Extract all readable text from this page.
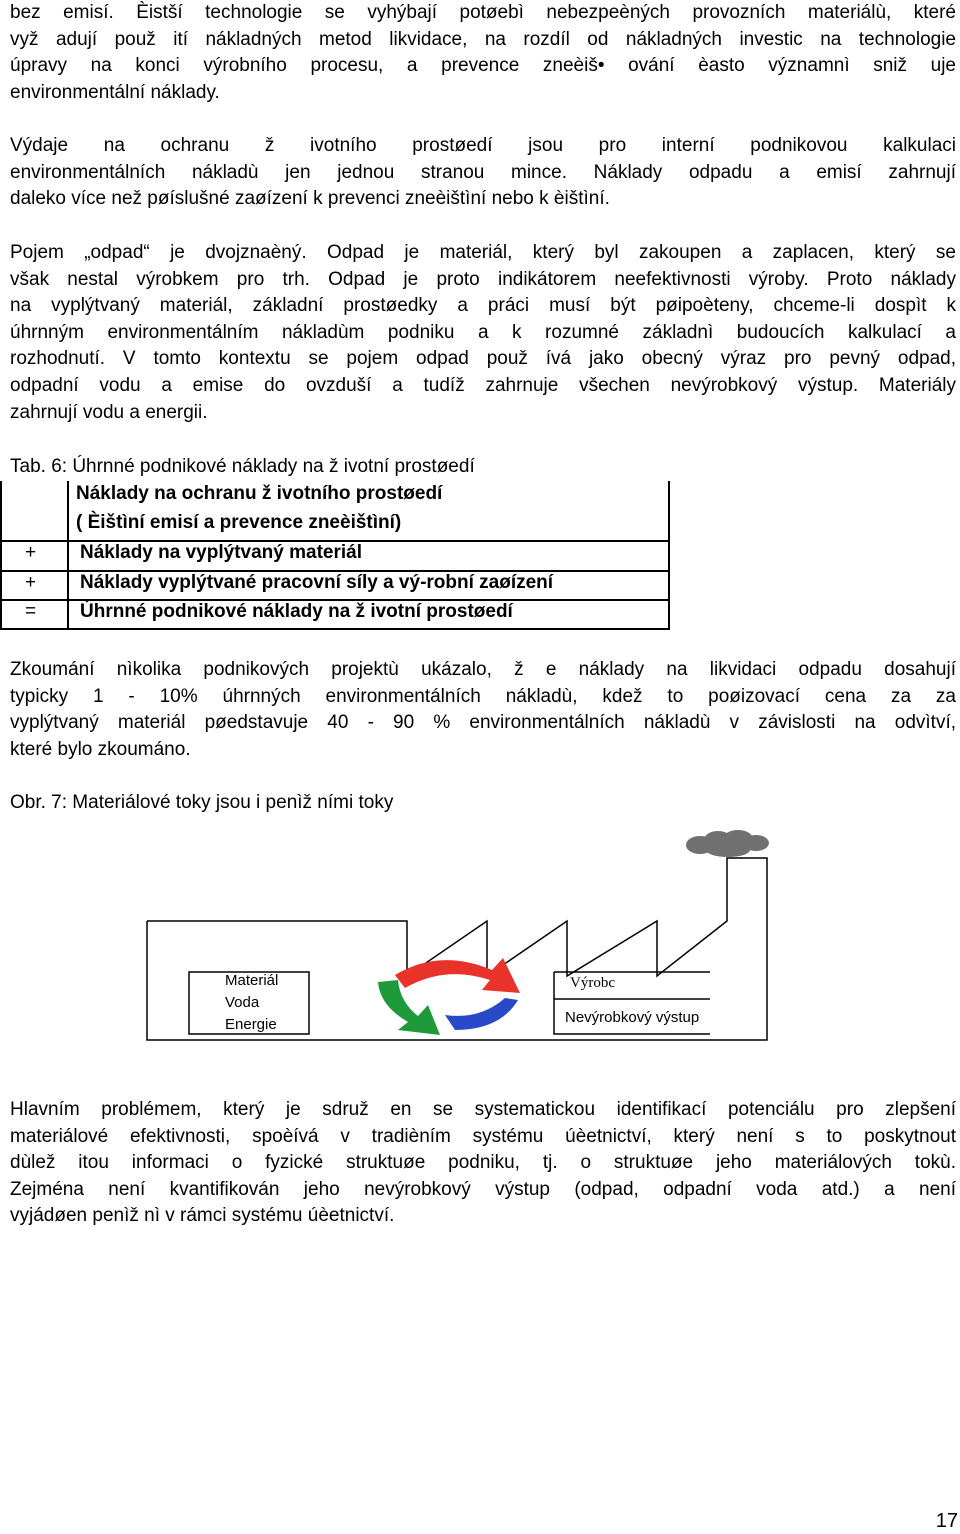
bez emisí. Èistší technologie se vyhýbají potøebì nebezpeèných provozních materiálù, které
vyž adují použ ití nákladných metod likvidace, na rozdíl od nákladných investic na technologie
úpravy na konci výrobního procesu, a prevence zneèiš• ování èasto významnì sniž uje
environmentální náklady.
Výdaje na ochranu ž ivotního prostøedí jsou pro interní podnikovou kalkulaci
environmentálních nákladù jen jednou stranou mince. Náklady odpadu a emisí zahrnují
daleko více než pøíslušné zaøízení k prevenci zneèištìní nebo k èištìní.
Pojem „odpad“ je dvojznaèný. Odpad je materiál, který byl zakoupen a zaplacen, který se
však nestal výrobkem pro trh. Odpad je proto indikátorem neefektivnosti výroby. Proto náklady
na vyplýtvaný materiál, základní prostøedky a práci musí být pøipoèteny, chceme-li dospìt k
úhrnným environmentálním nákladùm podniku a k rozumné základnì budoucích kalkulací a
rozhodnutí. V tomto kontextu se pojem odpad použ ívá jako obecný výraz pro pevný odpad,
odpadní vodu a emise do ovzduší a tudíž zahrnuje všechen nevýrobkový výstup. Materiály
zahrnují vodu a energii.

Tab. 6: Úhrnné podnikové náklady na ž ivotní prostøedí

Náklady na ochranu ž ivotního prostøedí
( Èištìní emisí a prevence zneèištìní)
+ Náklady na vyplýtvaný materiál
+ Náklady vyplýtvané pracovní síly a vý-robní zaøízení
= Úhrnné podnikové náklady na ž ivotní prostøedí
Zkoumání nìkolika podnikových projektù ukázalo, ž e náklady na likvidaci odpadu dosahují
typicky 1 - 10% úhrnných environmentálních nákladù, kdež to poøizovací cena za za
vyplýtvaný materiál pøedstavuje 40 - 90 % environmentálních nákladù v závislosti na odvìtví,
které bylo zkoumáno.

Obr. 7: Materiálové toky jsou i penìž ními toky

Materiál
Voda
Energie
Výrobc
Nevýrobkový výstup
Hlavním problémem, který je sdruž en se systematickou identifikací potenciálu pro zlepšení
materiálové efektivnosti, spoèívá v tradièním systému úèetnictví, který není s to poskytnout
dùlež itou informaci o fyzické struktuøe podniku, tj. o struktuøe jeho materiálových tokù.
Zejména není kvantifikován jeho nevýrobkový výstup (odpad, odpadní voda atd.) a není
vyjádøen penìž nì v rámci systému úèetnictví.
17
